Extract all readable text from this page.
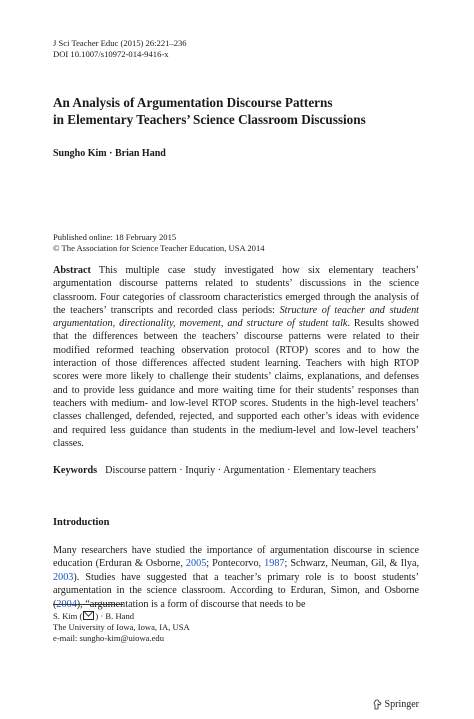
J Sci Teacher Educ (2015) 26:221–236
DOI 10.1007/s10972-014-9416-x
An Analysis of Argumentation Discourse Patterns
in Elementary Teachers’ Science Classroom Discussions
Sungho Kim · Brian Hand
Published online: 18 February 2015
© The Association for Science Teacher Education, USA 2014
Abstract This multiple case study investigated how six elementary teachers’ argumentation discourse patterns related to students’ discussions in the science classroom. Four categories of classroom characteristics emerged through the analysis of the teachers’ transcripts and recorded class periods: Structure of teacher and student argumentation, directionality, movement, and structure of student talk. Results showed that the differences between the teachers’ discourse patterns were related to their modified reformed teaching observation protocol (RTOP) scores and to how the interaction of those differences affected student learning. Teachers with high RTOP scores were more likely to challenge their students’ claims, explanations, and defenses and to provide less guidance and more waiting time for their students’ responses than teachers with medium- and low-level RTOP scores. Students in the high-level teachers’ classes challenged, defended, rejected, and supported each other’s ideas with evidence and required less guidance than students in the medium-level and low-level teachers’ classes.
Keywords Discourse pattern · Inquriy · Argumentation · Elementary teachers
Introduction
Many researchers have studied the importance of argumentation discourse in science education (Erduran & Osborne, 2005; Pontecorvo, 1987; Schwarz, Neuman, Gil, & Ilya, 2003). Studies have suggested that a teacher’s primary role is to boost students’ argumentation in the science classroom. According to Erduran, Simon, and Osborne (2004), “argumentation is a form of discourse that needs to be
S. Kim ( ) · B. Hand
The University of Iowa, Iowa, IA, USA
e-mail: sungho-kim@uiowa.edu
Springer
